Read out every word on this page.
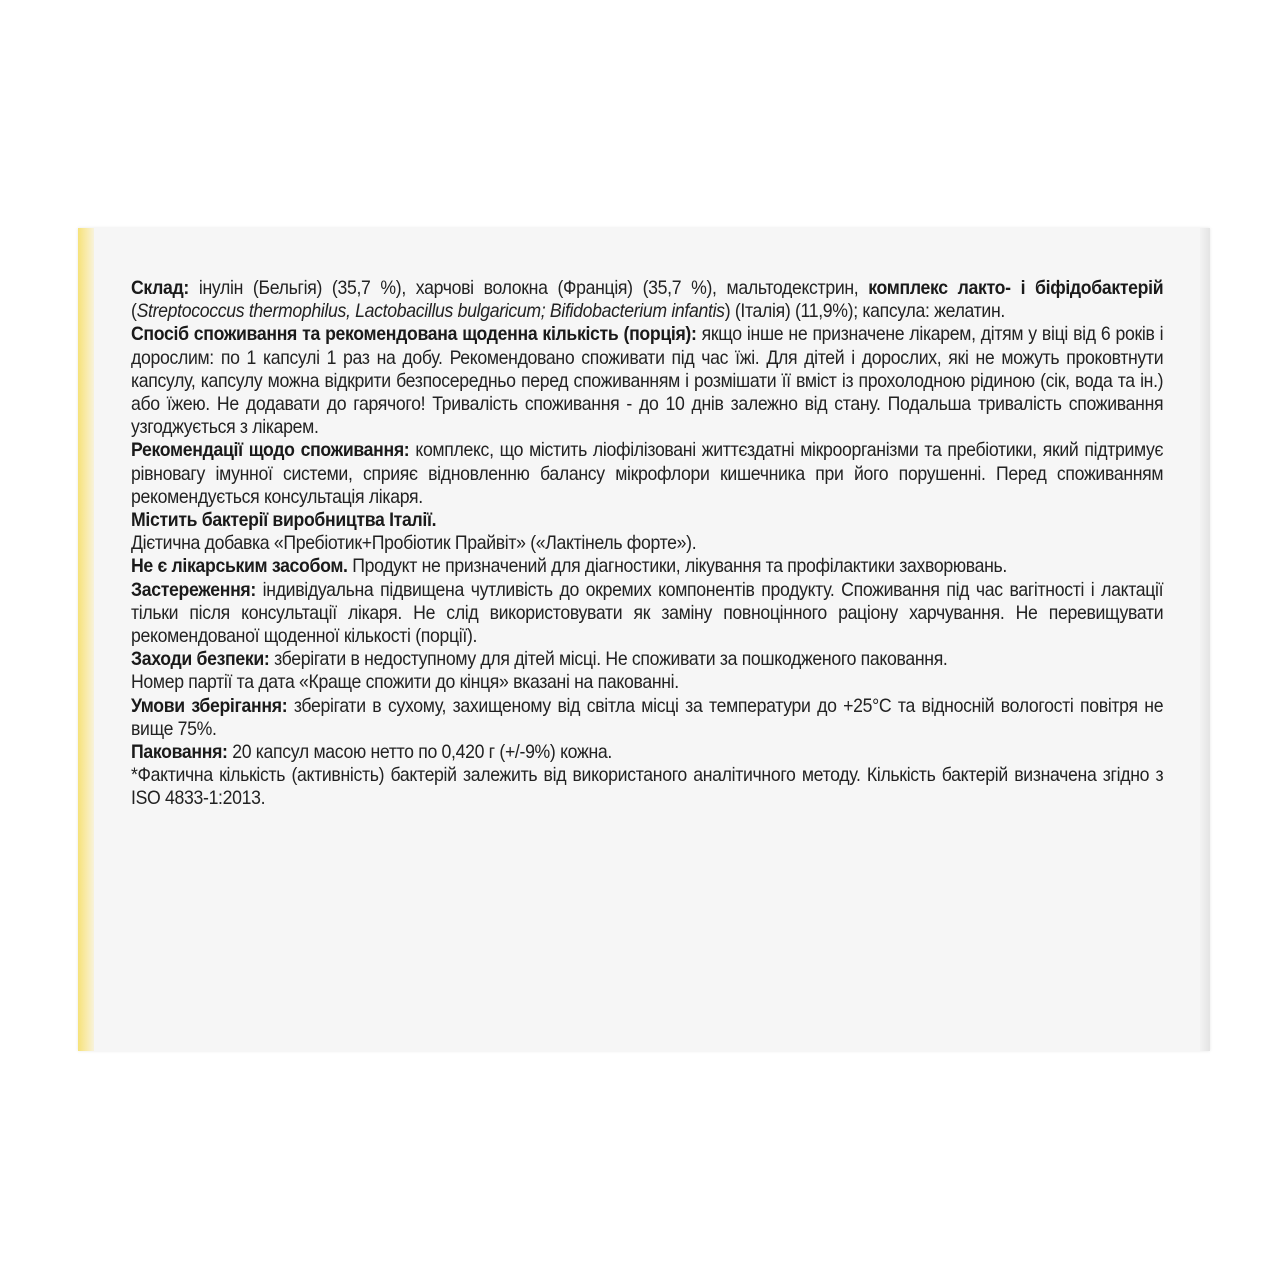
Склад: інулін (Бельгія) (35,7 %), харчові волокна (Франція) (35,7 %), мальтодекстрин, комплекс лакто- і біфідобактерій (Streptococcus thermophilus, Lactobacillus bulgaricum; Bifidobacterium infantis) (Італія) (11,9%); капсула: желатин.

Спосіб споживання та рекомендована щоденна кількість (порція): якщо інше не призначене лікарем, дітям у віці від 6 років і дорослим: по 1 капсулі 1 раз на добу. Рекомендовано споживати під час їжі. Для дітей і дорослих, які не можуть проковтнути капсулу, капсулу можна відкрити безпосередньо перед споживанням і розмішати її вміст із прохолодною рідиною (сік, вода та ін.) або їжею. Не додавати до гарячого! Тривалість споживання - до 10 днів залежно від стану. Подальша тривалість споживання узгоджується з лікарем.

Рекомендації щодо споживання: комплекс, що містить ліофілізовані життєздатні мікроорганізми та пребіотики, який підтримує рівновагу імунної системи, сприяє відновленню балансу мікрофлори кишечника при його порушенні. Перед споживанням рекомендується консультація лікаря.

Містить бактерії виробництва Італії.

Дієтична добавка «Пребіотик+Пробіотик Прайвіт» («Лактінель форте»).

Не є лікарським засобом. Продукт не призначений для діагностики, лікування та профілактики захворювань.

Застереження: індивідуальна підвищена чутливість до окремих компонентів продукту. Споживання під час вагітності і лактації тільки після консультації лікаря. Не слід використовувати як заміну повноцінного раціону харчування. Не перевищувати рекомендованої щоденної кількості (порції).

Заходи безпеки: зберігати в недоступному для дітей місці. Не споживати за пошкодженого паковання.

Номер партії та дата «Краще спожити до кінця» вказані на пакованні.

Умови зберігання: зберігати в сухому, захищеному від світла місці за температури до +25°С та відносній вологості повітря не вище 75%.

Паковання: 20 капсул масою нетто по 0,420 г (+/-9%) кожна.

*Фактична кількість (активність) бактерій залежить від використаного аналітичного методу. Кількість бактерій визначена згідно з ISO 4833-1:2013.
